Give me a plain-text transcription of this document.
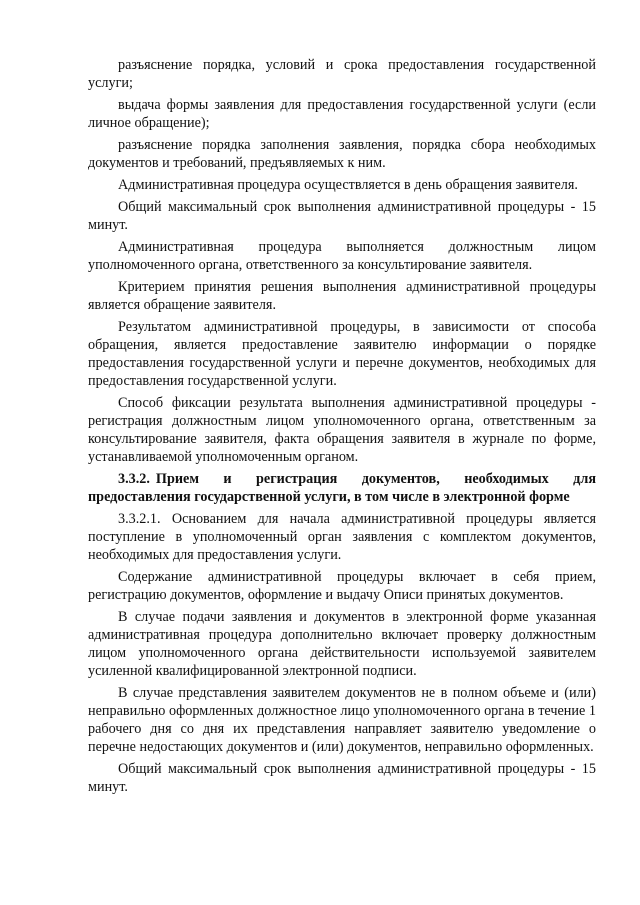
разъяснение порядка, условий и срока предоставления государственной услуги;

выдача формы заявления для предоставления государственной услуги (если личное обращение);

разъяснение порядка заполнения заявления, порядка сбора необходимых документов и требований, предъявляемых к ним.

Административная процедура осуществляется в день обращения заявителя.

Общий максимальный срок выполнения административной процедуры - 15 минут.

Административная процедура выполняется должностным лицом уполномоченного органа, ответственного за консультирование заявителя.

Критерием принятия решения выполнения административной процедуры является обращение заявителя.

Результатом административной процедуры, в зависимости от способа обращения, является предоставление заявителю информации о порядке предоставления государственной услуги и перечне документов, необходимых для предоставления государственной услуги.

Способ фиксации результата выполнения административной процедуры - регистрация должностным лицом уполномоченного органа, ответственным за консультирование заявителя, факта обращения заявителя в журнале по форме, устанавливаемой уполномоченным органом.

3.3.2. Прием и регистрация документов, необходимых для предоставления государственной услуги, в том числе в электронной форме

3.3.2.1. Основанием для начала административной процедуры является поступление в уполномоченный орган заявления с комплектом документов, необходимых для предоставления услуги.

Содержание административной процедуры включает в себя прием, регистрацию документов, оформление и выдачу Описи принятых документов.

В случае подачи заявления и документов в электронной форме указанная административная процедура дополнительно включает проверку должностным лицом уполномоченного органа действительности используемой заявителем усиленной квалифицированной электронной подписи.

В случае представления заявителем документов не в полном объеме и (или) неправильно оформленных должностное лицо уполномоченного органа в течение 1 рабочего дня со дня их представления направляет заявителю уведомление о перечне недостающих документов и (или) документов, неправильно оформленных.

Общий максимальный срок выполнения административной процедуры - 15 минут.
